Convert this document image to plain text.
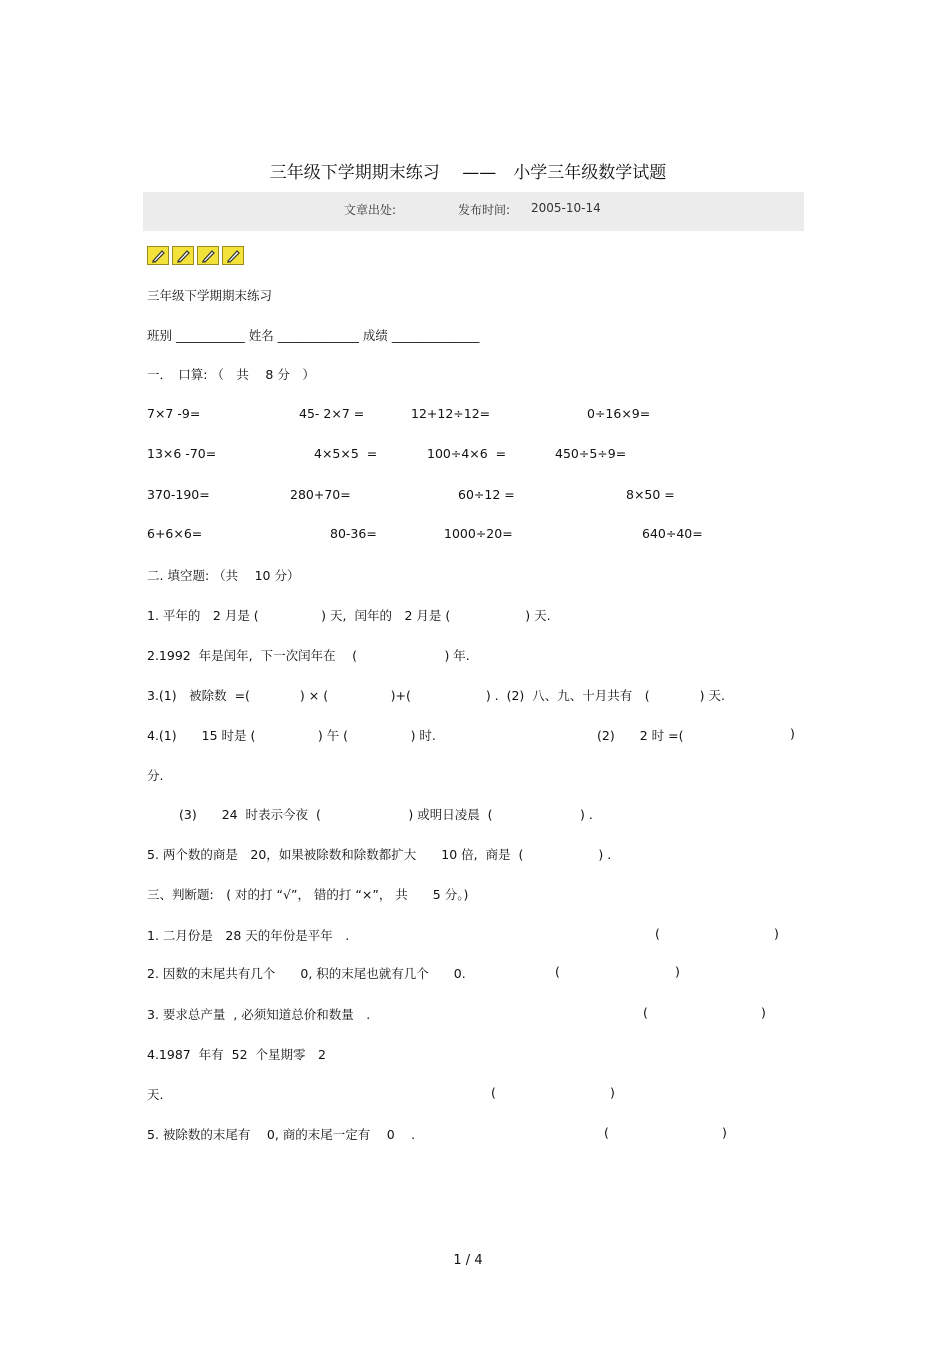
三年级下学期期末练习　 ——　小学三年级数学试题
文章出处:	发布时间: 2005-10-14
三年级下学期期末练习
班别 ___________ 姓名 _____________ 成绩 ______________
一．　口算: （　共　 8 分　）
7×7 -9=	45- 2×7 =	12+12÷12=	0÷16×9=
13×6 -70=	4×5×5  =	100÷4×6  =	450÷5÷9=
370-190=	280+70=	60÷12 =	8×50 =
6+6×6=	80-36=	1000÷20=	640÷40=
二. 填空题: （共　 10 分）
1. 平年的　2 月是 (　　　　　) 天,  闰年的　2 月是 (　　　　　　) 天.
2.1992  年是闰年,  下一次闰年在　 (　　　　　　　) 年.
3.(1)　被除数  =(　　　　) × (　　　　　)+(　　　　　　) .  (2)  八、九、十月共有　(　　　　) 天.
4.(1)　　15 时是 (　　　　　) 午 (　　　　　) 时.	(2)　　2 时 =(	)
分.
(3)　　24  时表示今夜  (　　　　　　　) 或明日凌晨  (　　　　　　　) .
5. 两个数的商是　20，如果被除数和除数都扩大　　10 倍,  商是  (　　　　　　) .
三、判断题:　( 对的打 “√”， 错的打 “×”， 共　　5 分。)
1. 二月份是　28 天的年份是平年　.	(	)
2. 因数的末尾共有几个　　0, 积的末尾也就有几个　　0.	(	)
3. 要求总产量  , 必须知道总价和数量　.	(	)
4.1987  年有  52  个星期零　2
天.	(	)
5. 被除数的末尾有　 0, 商的末尾一定有　 0　 .	(	)
1 / 4
